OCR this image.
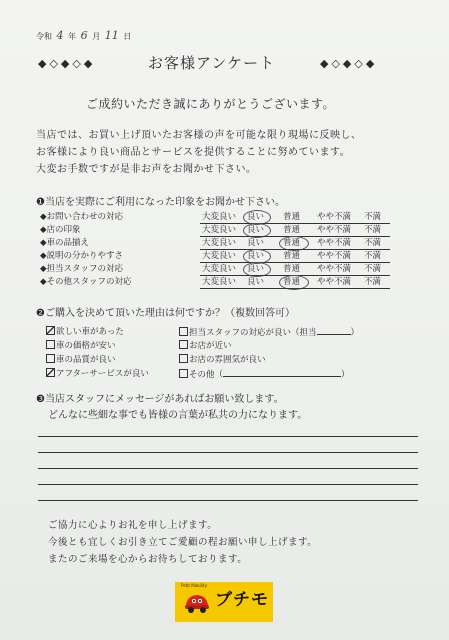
令和 4 年 6 月 11 日
◆◇◆◇◆	お客様アンケート	◆◇◆◇◆
ご成約いただき誠にありがとうございます。
当店では、お買い上げ頂いたお客様の声を可能な限り現場に反映し、
お客様により良い商品とサービスを提供することに努めています。
大変お手数ですが是非お声をお聞かせ下さい。
❶当店を実際にご利用になった印象をお聞かせ下さい。
◆お問い合わせの対応	大変良い 良い 普通 やや不満 不満
◆店の印象	大変良い 良い 普通 やや不満 不満
◆車の品揃え	大変良い 良い 普通 やや不満 不満
◆説明の分かりやすさ	大変良い 良い 普通 やや不満 不満
◆担当スタッフの対応	大変良い 良い 普通 やや不満 不満
◆その他スタッフの対応	大変良い 良い 普通 やや不満 不満
❷ご購入を決めて頂いた理由は何ですか？（複数回答可）
欲しい車があった
車の価格が安い
車の品質が良い
アフターサービスが良い
担当スタッフの対応が良い（担当	）
お店が近い
お店の雰囲気が良い
その他（	）
❸当店スタッフにメッセージがあればお願い致します。
どんなに些細な事でも皆様の言葉が私共の力になります。
ご協力に心よりお礼を申し上げます。
今後とも宜しくお引き立てご愛顧の程お願い申し上げます。
またのご来場を心からお待ちしております。
Petit Mobility
ブチモ
